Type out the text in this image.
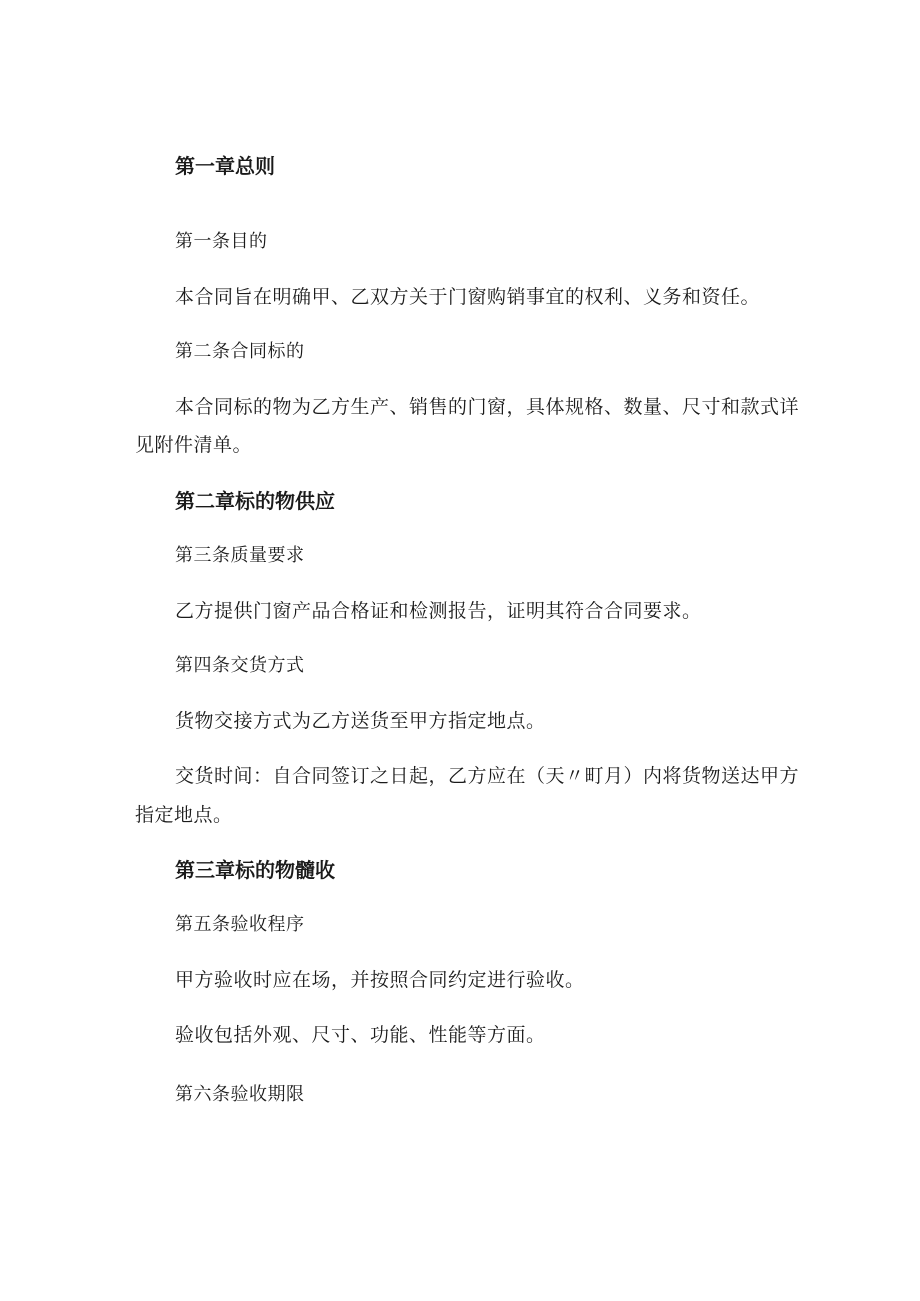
第一章总则
第一条目的
本合同旨在明确甲、乙双方关于门窗购销事宜的权利、义务和资任。
第二条合同标的
本合同标的物为乙方生产、销售的门窗，具体规格、数量、尺寸和款式详
见附件清单。
第二章标的物供应
第三条质量要求
乙方提供门窗产品合格证和检测报告，证明其符合合同要求。
第四条交货方式
货物交接方式为乙方送货至甲方指定地点。
交货时间：自合同签订之日起，乙方应在（天〃町月）内将货物送达甲方
指定地点。
第三章标的物髓收
第五条验收程序
甲方验收时应在场，并按照合同约定进行验收。
验收包括外观、尺寸、功能、性能等方面。
第六条验收期限
